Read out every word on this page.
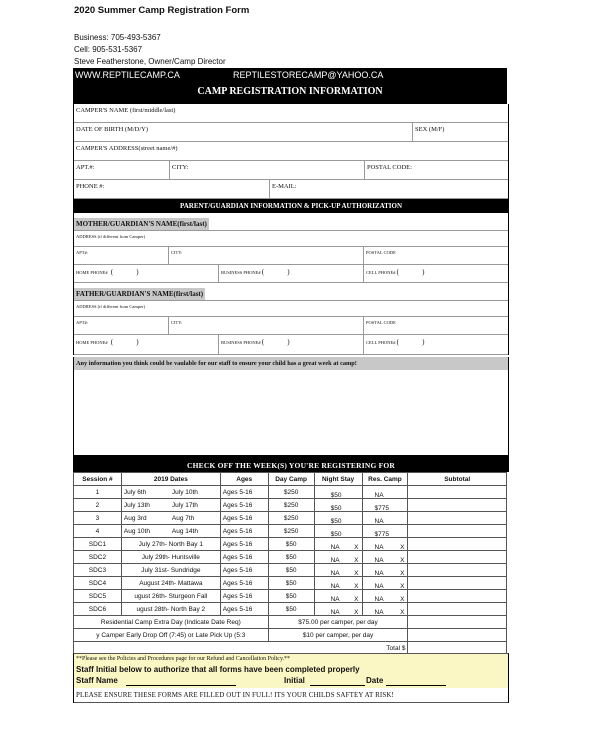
2020 Summer Camp Registration Form
Business: 705-493-5367
Cell: 905-531-5367
Steve Featherstone, Owner/Camp Director
WWW.REPTILECAMP.CA	REPTILESTORECAMP@YAHOO.CA
CAMP REGISTRATION INFORMATION
CAMPER'S NAME (first/middle/last)
DATE OF BIRTH (M/D/Y)	SEX (M/F)
CAMPER'S ADDRESS(street name/#)
APT.#:	CITY:	POSTAL CODE:
PHONE #:	E-MAIL:
PARENT/GUARDIAN INFORMATION & PICK-UP AUTHORIZATION
MOTHER/GUARDIAN'S NAME(first/last)
ADDRESS (if different from Camper)
APT#:	CITY:	POSTAL CODE
HOME PHONE# (	)	BUSINESS PHONE# (	)	CELL PHONE# (	)
FATHER/GUARDIAN'S NAME(first/last)
ADDRESS (if different from Camper)
APT#:	CITY:	POSTAL CODE
HOME PHONE# (	)	BUSINESS PHONE# (	)	CELL PHONE# (	)
Any information you think could be vaulable for our staff to ensure your child has a great week at camp!
CHECK OFF THE WEEK(S) YOU'RE REGISTERING FOR
Session #	2019 Dates	Ages	Day Camp	Night Stay	Res. Camp	Subtotal
1	July 6th July 10th	Ages 5-16	$250	$50	NA	

2	July 13th July 17th	Ages 5-16	$250	$50	$775	

3	Aug 3rd Aug 7th	Ages 5-16	$250	$50	NA	

4	Aug 10th Aug 14th	Ages 5-16	$250	$50	$775	

SDC1	July 27th- North Bay 1	Ages 5-16	$50	NA X	NA X	

SDC2	July 29th- Huntsville	Ages 5-16	$50	NA X	NA X	

SDC3	July 31st- Sundridge	Ages 5-16	$50	NA X	NA X	

SDC4	August 24th- Mattawa	Ages 5-16	$50	NA X	NA X	

SDC5	ugust 26th- Sturgeon Fall	Ages 5-16	$50	NA X	NA X	

SDC6	ugust 28th- North Bay 2	Ages 5-16	$50	NA X	NA X	

Residential Camp Extra Day (Indicate Date Req)			$75.00 per camper, per day			
y Camper Early Drop Off (7:45) or Late Pick Up (5:3			$10 per camper, per day			
Total $						
**Please see the Policies and Procedures page for our Refund and Cancellation Policy.**
Staff Initial below to authorize that all forms have been completed properly
Staff Name	Initial	Date
PLEASE ENSURE THESE FORMS ARE FILLED OUT IN FULL! ITS YOUR CHILDS SAFTEY AT RISK!
